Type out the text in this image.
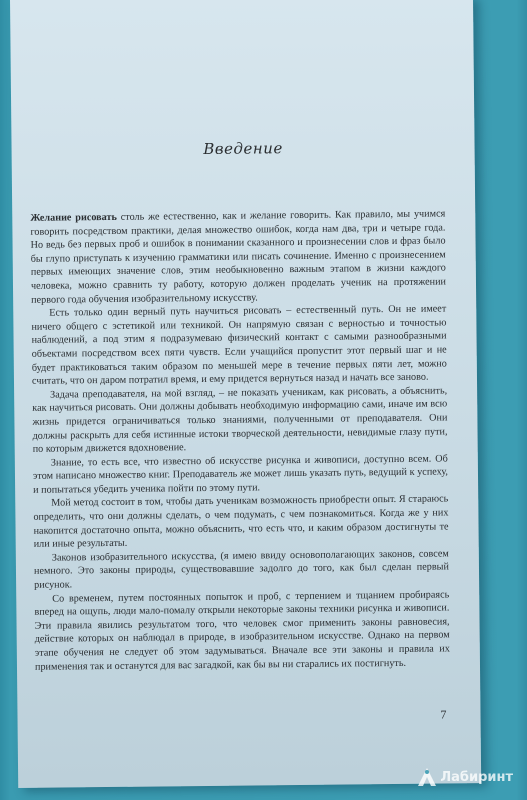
Введение

Желание рисовать столь же естественно, как и желание говорить. Как правило, мы учимся говорить посредством практики, делая множество ошибок, когда нам два, три и четыре года. Но ведь без первых проб и ошибок в понимании сказанного и произнесении слов и фраз было бы глупо приступать к изучению грамматики или писать сочинение. Именно с произнесением первых имеющих значение слов, этим необыкновенно важным этапом в жизни каждого человека, можно сравнить ту работу, которую должен проделать ученик на протяжении первого года обучения изобразительному искусству.

Есть только один верный путь научиться рисовать – естественный путь. Он не имеет ничего общего с эстетикой или техникой. Он напрямую связан с верностью и точностью наблюдений, а под этим я подразумеваю физический контакт с самыми разнообразными объектами посредством всех пяти чувств. Если учащийся пропустит этот первый шаг и не будет практиковаться таким образом по меньшей мере в течение первых пяти лет, можно считать, что он даром потратил время, и ему придется вернуться назад и начать все заново.

Задача преподавателя, на мой взгляд, – не показать ученикам, как рисовать, а объяснить, как научиться рисовать. Они должны добывать необходимую информацию сами, иначе им всю жизнь придется ограничиваться только знаниями, полученными от преподавателя. Они должны раскрыть для себя истинные истоки творческой деятельности, невидимые глазу пути, по которым движется вдохновение.

Знание, то есть все, что известно об искусстве рисунка и живописи, доступно всем. Об этом написано множество книг. Преподаватель же может лишь указать путь, ведущий к успеху, и попытаться убедить ученика пойти по этому пути.

Мой метод состоит в том, чтобы дать ученикам возможность приобрести опыт. Я стараюсь определить, что они должны сделать, о чем подумать, с чем познакомиться. Когда же у них накопится достаточно опыта, можно объяснить, что есть что, и каким образом достигнуты те или иные результаты.

Законов изобразительного искусства, (я имею ввиду основополагающих законов, совсем немного. Это законы природы, существовавшие задолго до того, как был сделан первый рисунок.

Со временем, путем постоянных попыток и проб, с терпением и тщанием пробираясь вперед на ощупь, люди мало-помалу открыли некоторые законы техники рисунка и живописи. Эти правила явились результатом того, что человек смог применить законы равновесия, действие которых он наблюдал в природе, в изобразительном искусстве. Однако на первом этапе обучения не следует об этом задумываться. Вначале все эти законы и правила их применения так и останутся для вас загадкой, как бы вы ни старались их постигнуть.

7
Лабиринт
